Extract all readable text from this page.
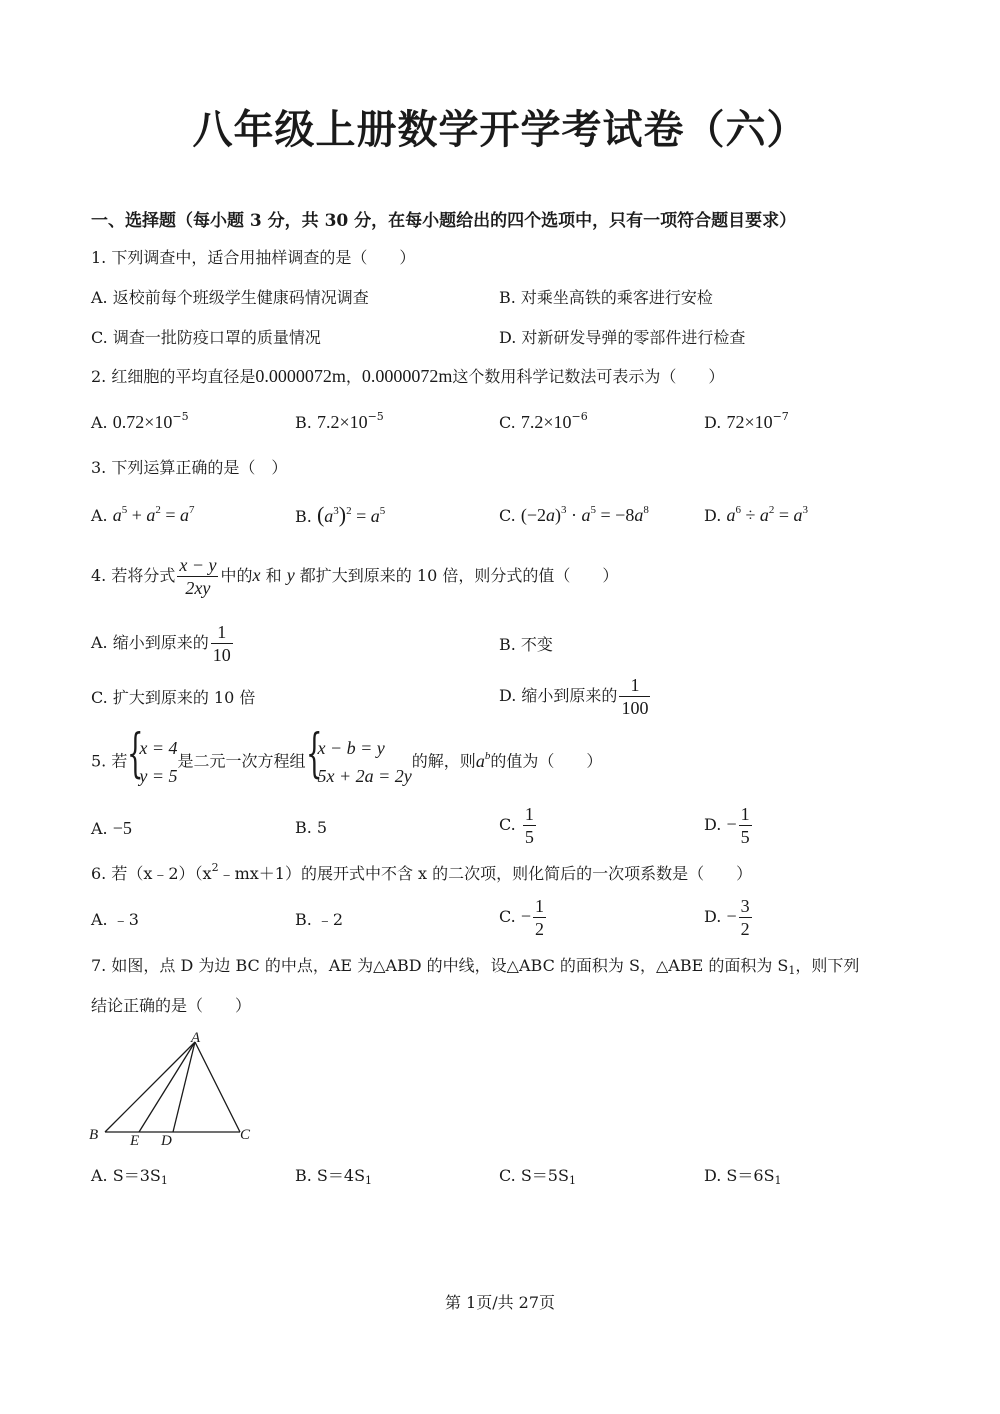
八年级上册数学开学考试卷（六）
一、选择题（每小题 3 分，共 30 分，在每小题给出的四个选项中，只有一项符合题目要求）
1. 下列调查中，适合用抽样调查的是（　　）
A. 返校前每个班级学生健康码情况调查	B. 对乘坐高铁的乘客进行安检
C. 调查一批防疫口罩的质量情况	D. 对新研发导弹的零部件进行检查
2. 红细胞的平均直径是0.0000072m，0.0000072m这个数用科学记数法可表示为（　　）
A. $0.72\times 10^{-5}$	B. $7.2\times 10^{-5}$	C. $7.2\times 10^{-6}$	D. $72\times 10^{-7}$
3. 下列运算正确的是（　）
A. $a^5 + a^2 = a^7$	B. $(a^3)^2 = a^5$	C. $(-2a)^3 \cdot a^5 = -8a^8$	D. $a^6 \div a^2 = a^3$
4. 若将分式 $\frac{x - y}{2xy}$ 中的x 和 y 都扩大到原来的 10 倍，则分式的值（　　）
A. 缩小到原来的 $\frac{1}{10}$	B. 不变
C. 扩大到原来的 10 倍	D. 缩小到原来的 $\frac{1}{100}$
5. 若 {
x = 4
y = 5
是二元一次方程组 {
x − b = y
5x + 2a = 2y
的解，则$a^b$的值为（　　）
A. −5	B. 5	C. $\frac{1}{5}$	D. − $\frac{1}{5}$
6. 若$(x﹣2)(x^2﹣mx+1)$的展开式中不含 x 的二次项，则化简后的一次项系数是（　　）
A. ﹣3	B. ﹣2	C. − $\frac{1}{2}$	D. − $\frac{3}{2}$
7. 如图，点 D 为边 BC 的中点，AE 为△ABD 的中线，设△ABC 的面积为 S，△ABE 的面积为 $S_1$，则下列
结论正确的是（　　）
A
B	C
D
E
A. $S=3S_1$	B. $S=4S_1$	C. $S=5S_1$	D. $S=6S_1$
第 1页/共 27页
